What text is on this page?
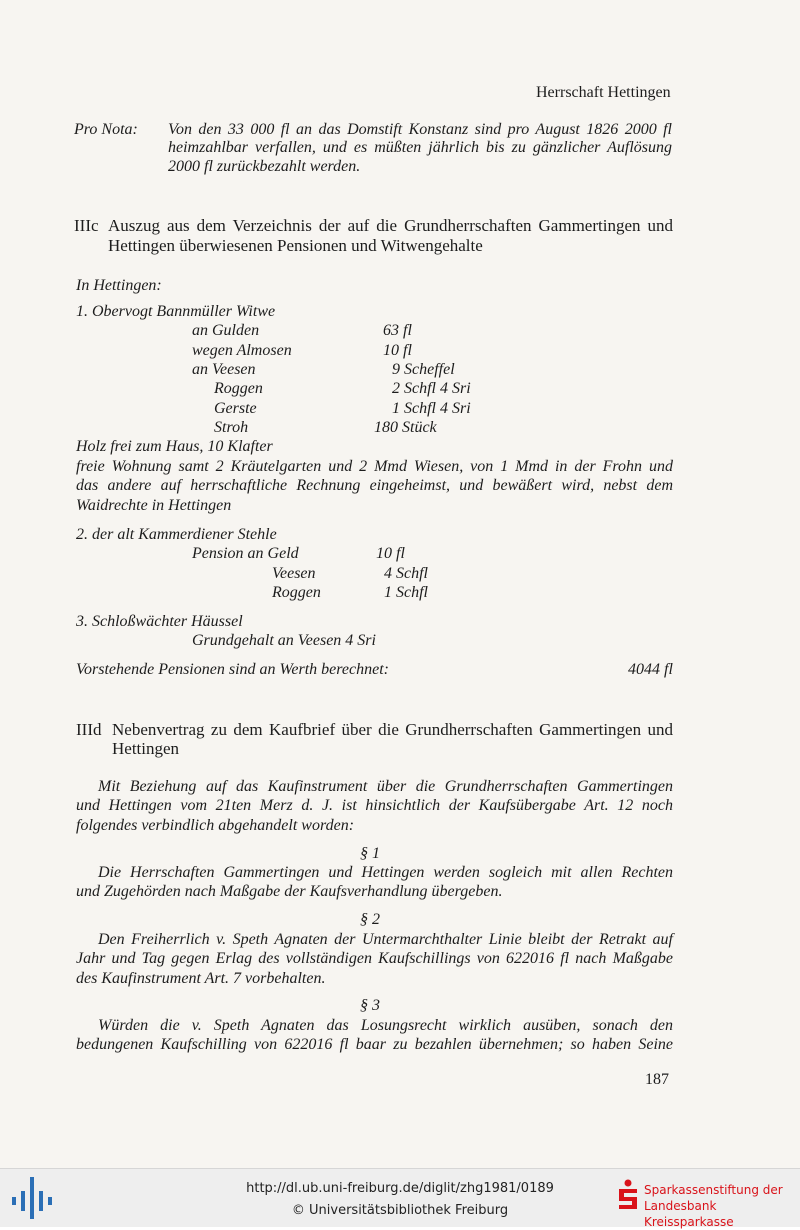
Herrschaft Hettingen
Pro Nota: Von den 33 000 fl an das Domstift Konstanz sind pro August 1826 2000 fl
heimzahlbar verfallen, und es müßten jährlich bis zu gänzlicher Auflösung
2000 fl zurückbezahlt werden.
IIIc Auszug aus dem Verzeichnis der auf die Grundherrschaften Gammertingen und
Hettingen überwiesenen Pensionen und Witwengehalte
In Hettingen:
1. Obervogt Bannmüller Witwe
an Gulden	63 fl
wegen Almosen	10 fl
an Veesen	9 Scheffel
Roggen	2 Schfl 4 Sri
Gerste	1 Schfl 4 Sri
Stroh	180 Stück
Holz frei zum Haus, 10 Klafter
freie Wohnung samt 2 Kräutelgarten und 2 Mmd Wiesen, von 1 Mmd in der Frohn und
das andere auf herrschaftliche Rechnung eingeheimst, und bewäßert wird, nebst dem
Waidrechte in Hettingen
2. der alt Kammerdiener Stehle
Pension an Geld	10 fl
Veesen	4 Schfl
Roggen	1 Schfl
3. Schloßwächter Häussel
Grundgehalt an Veesen 4 Sri
Vorstehende Pensionen sind an Werth berechnet:	4044 fl
IIId Nebenvertrag zu dem Kaufbrief über die Grundherrschaften Gammertingen und
Hettingen
Mit Beziehung auf das Kaufinstrument über die Grundherrschaften Gammertingen
und Hettingen vom 21ten Merz d. J. ist hinsichtlich der Kaufsübergabe Art. 12 noch
folgendes verbindlich abgehandelt worden:
§ 1
Die Herrschaften Gammertingen und Hettingen werden sogleich mit allen Rechten
und Zugehörden nach Maßgabe der Kaufsverhandlung übergeben.
§ 2
Den Freiherrlich v. Speth Agnaten der Untermarchthalter Linie bleibt der Retrakt auf
Jahr und Tag gegen Erlag des vollständigen Kaufschillings von 622016 fl nach Maßgabe
des Kaufinstrument Art. 7 vorbehalten.
§ 3
Würden die v. Speth Agnaten das Losungsrecht wirklich ausüben, sonach den
bedungenen Kaufschilling von 622016 fl baar zu bezahlen übernehmen; so haben Seine
187
http://dl.ub.uni-freiburg.de/diglit/zhg1981/0189
© Universitätsbibliothek Freiburg
Sparkassenstiftung der
Landesbank Kreissparkasse
